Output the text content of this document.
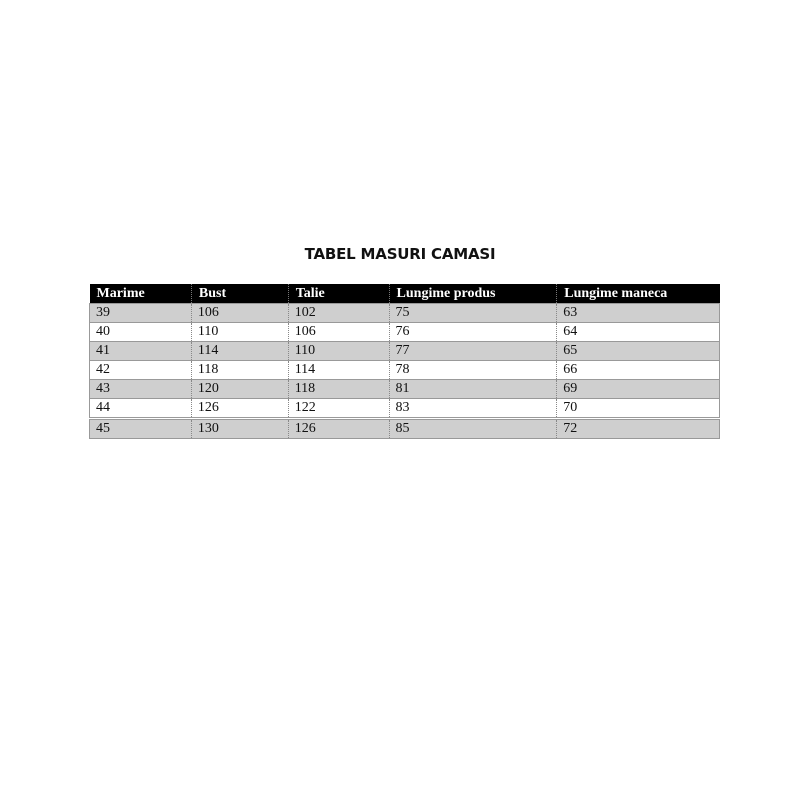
TABEL MASURI CAMASI
Marime	Bust	Talie	Lungime produs	Lungime maneca
39	106	102	75	63
40	110	106	76	64
41	114	110	77	65
42	118	114	78	66
43	120	118	81	69
44	126	122	83	70
45	130	126	85	72
